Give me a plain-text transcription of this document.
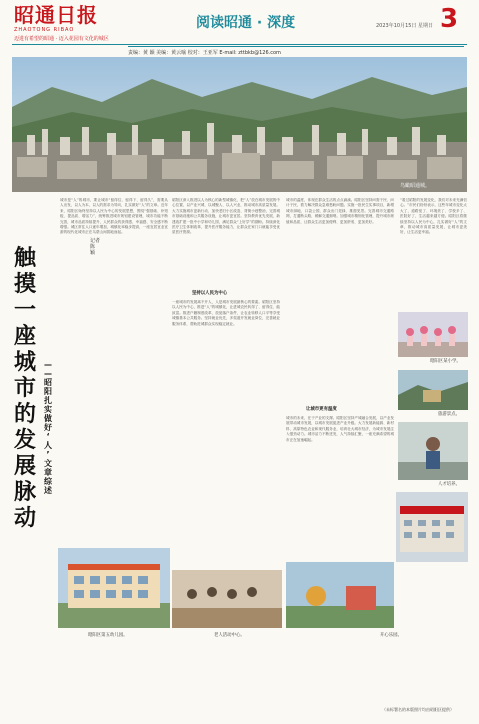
昭通日报
ZHAOTONG RIBAO
迈进有希望的昭通 · 迈入花园有文化的城区
阅读昭通 · 深度	2023年10月15日 星期日 3
责编：黄 颖 美编：黄云喻 校对：王亚军 E-mail: zttbkb@126.com
鸟瞰昭通城。
触
摸
一
座
城
市
的
发
展
脉
动
—
—
昭
阳
扎
实
做
好
‘
人
’
文
章
综
述
记者 陈 颖
城市是“人”的城市，要让城市“留得住、留得下、留得久”，需要从人出发，以人为本，以人的需求为导向，扎实做好“人”的文章。近年来，昭阳区始终坚持以人民为中心的发展思想，围绕“强基础、补短板、提品质、增活力”，统筹推进城市规划建设管理，城市功能不断完善，城市品质持续提升，人民群众的获得感、幸福感、安全感不断增强。城区常住人口逐年增加，城镇化率稳步提高，一座宜居宜业宜游的现代化城市正在乌蒙山间拔地而起。
昭阳区深入推进以人为核心的新型城镇化，把“人”放在城市发展的中心位置，以产业兴城、以城聚人、以人兴业，推动城市高质量发展。大力实施城市更新行动，加快老旧小区改造、背街小巷整治，完善城市基础设施和公共服务设施，让城市更宜居。坚持教育优先发展，新建改扩建一批中小学和幼儿园，满足群众“上好学”的期盼。持续深化医疗卫生体制改革，提升医疗服务能力，让群众在家门口就能享受优质医疗资源。
坚持以人民为中心
一座城市的发展离不开人，人是城市发展最核心的要素。昭阳区坚持以人民为中心，推进“人”的城镇化，让进城农民转得了、留得住、能致富。推进户籍制度改革，放宽落户条件，让农业转移人口平等享受城镇基本公共服务。坚持就业优先，多渠道开发就业岗位，完善就业服务体系，帮助进城群众实现稳定就业。
城市的温度，体现在群众生活的点点滴滴。昭阳区坚持问需于民、问计于民，着力解决群众急难愁盼问题。实施一批民生实事项目，新增城市绿地、口袋公园，群众出门见绿、推窗见景。完善城市交通路网，打通断头路，缓解交通拥堵。加强城市精细化管理，提升城市颜值和品质，让群众生活更加便利、更加舒适、更加美好。
让城市更有温度
城市的未来，在于产业的支撑。昭阳区坚持产城融合发展，以产业发展带动城市发展，以城市发展促进产业升级。大力发展新能源、新材料、高原特色农业和现代服务业，培育壮大城市经济，为城市发展注入强劲动力。城市活力不断迸发，人气持续汇聚，一座充满希望的城市正在加速崛起。
“看过昭阳的发展变化，我们对未来充满信心。”市民们纷纷表示，这些年城市变化太大了，道路宽了、环境美了、学校多了、医院好了，生活越来越方便。昭阳区将继续坚持以人民为中心，扎实做好“人”的文章，推动城市高质量发展，让城市更美好，让生活更幸福。
昭阳区某小学。
旅游景点。
人才培养。
昭阳区第五幼儿园。	老人活动中心。	开心乐园。
（未标署名的本版照片均由昭阳区提供）
